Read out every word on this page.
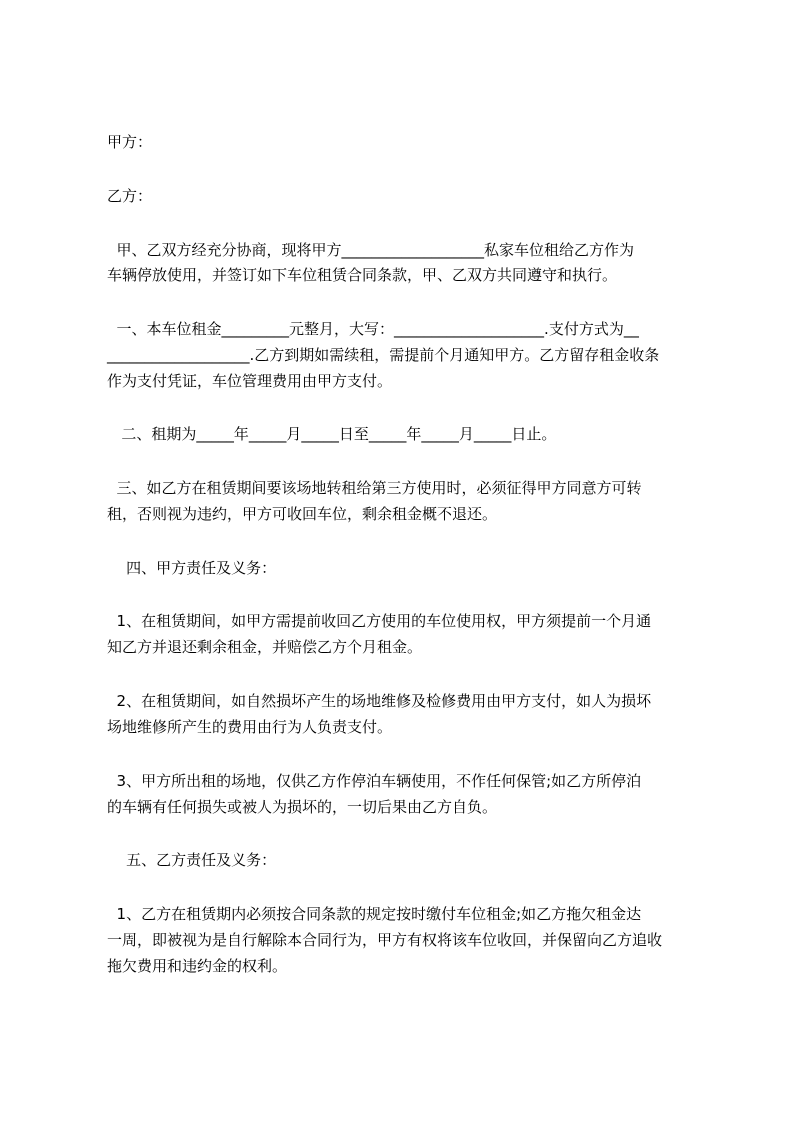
甲方：

乙方：

甲、乙双方经充分协商，现将甲方___________________私家车位租给乙方作为

车辆停放使用，并签订如下车位租赁合同条款，甲、乙双方共同遵守和执行。

一、本车位租金_________元整月，大写：____________________.支付方式为__

___________________.乙方到期如需续租，需提前个月通知甲方。乙方留存租金收条

作为支付凭证，车位管理费用由甲方支付。

二、租期为_____年_____月_____日至_____年_____月_____日止。

三、如乙方在租赁期间要该场地转租给第三方使用时，必须征得甲方同意方可转

租，否则视为违约，甲方可收回车位，剩余租金概不退还。

四、甲方责任及义务：

1、在租赁期间，如甲方需提前收回乙方使用的车位使用权，甲方须提前一个月通

知乙方并退还剩余租金，并赔偿乙方个月租金。

2、在租赁期间，如自然损坏产生的场地维修及检修费用由甲方支付，如人为损坏

场地维修所产生的费用由行为人负责支付。

3、甲方所出租的场地，仅供乙方作停泊车辆使用，不作任何保管;如乙方所停泊

的车辆有任何损失或被人为损坏的，一切后果由乙方自负。

五、乙方责任及义务：

1、乙方在租赁期内必须按合同条款的规定按时缴付车位租金;如乙方拖欠租金达

一周，即被视为是自行解除本合同行为，甲方有权将该车位收回，并保留向乙方追收

拖欠费用和违约金的权利。
